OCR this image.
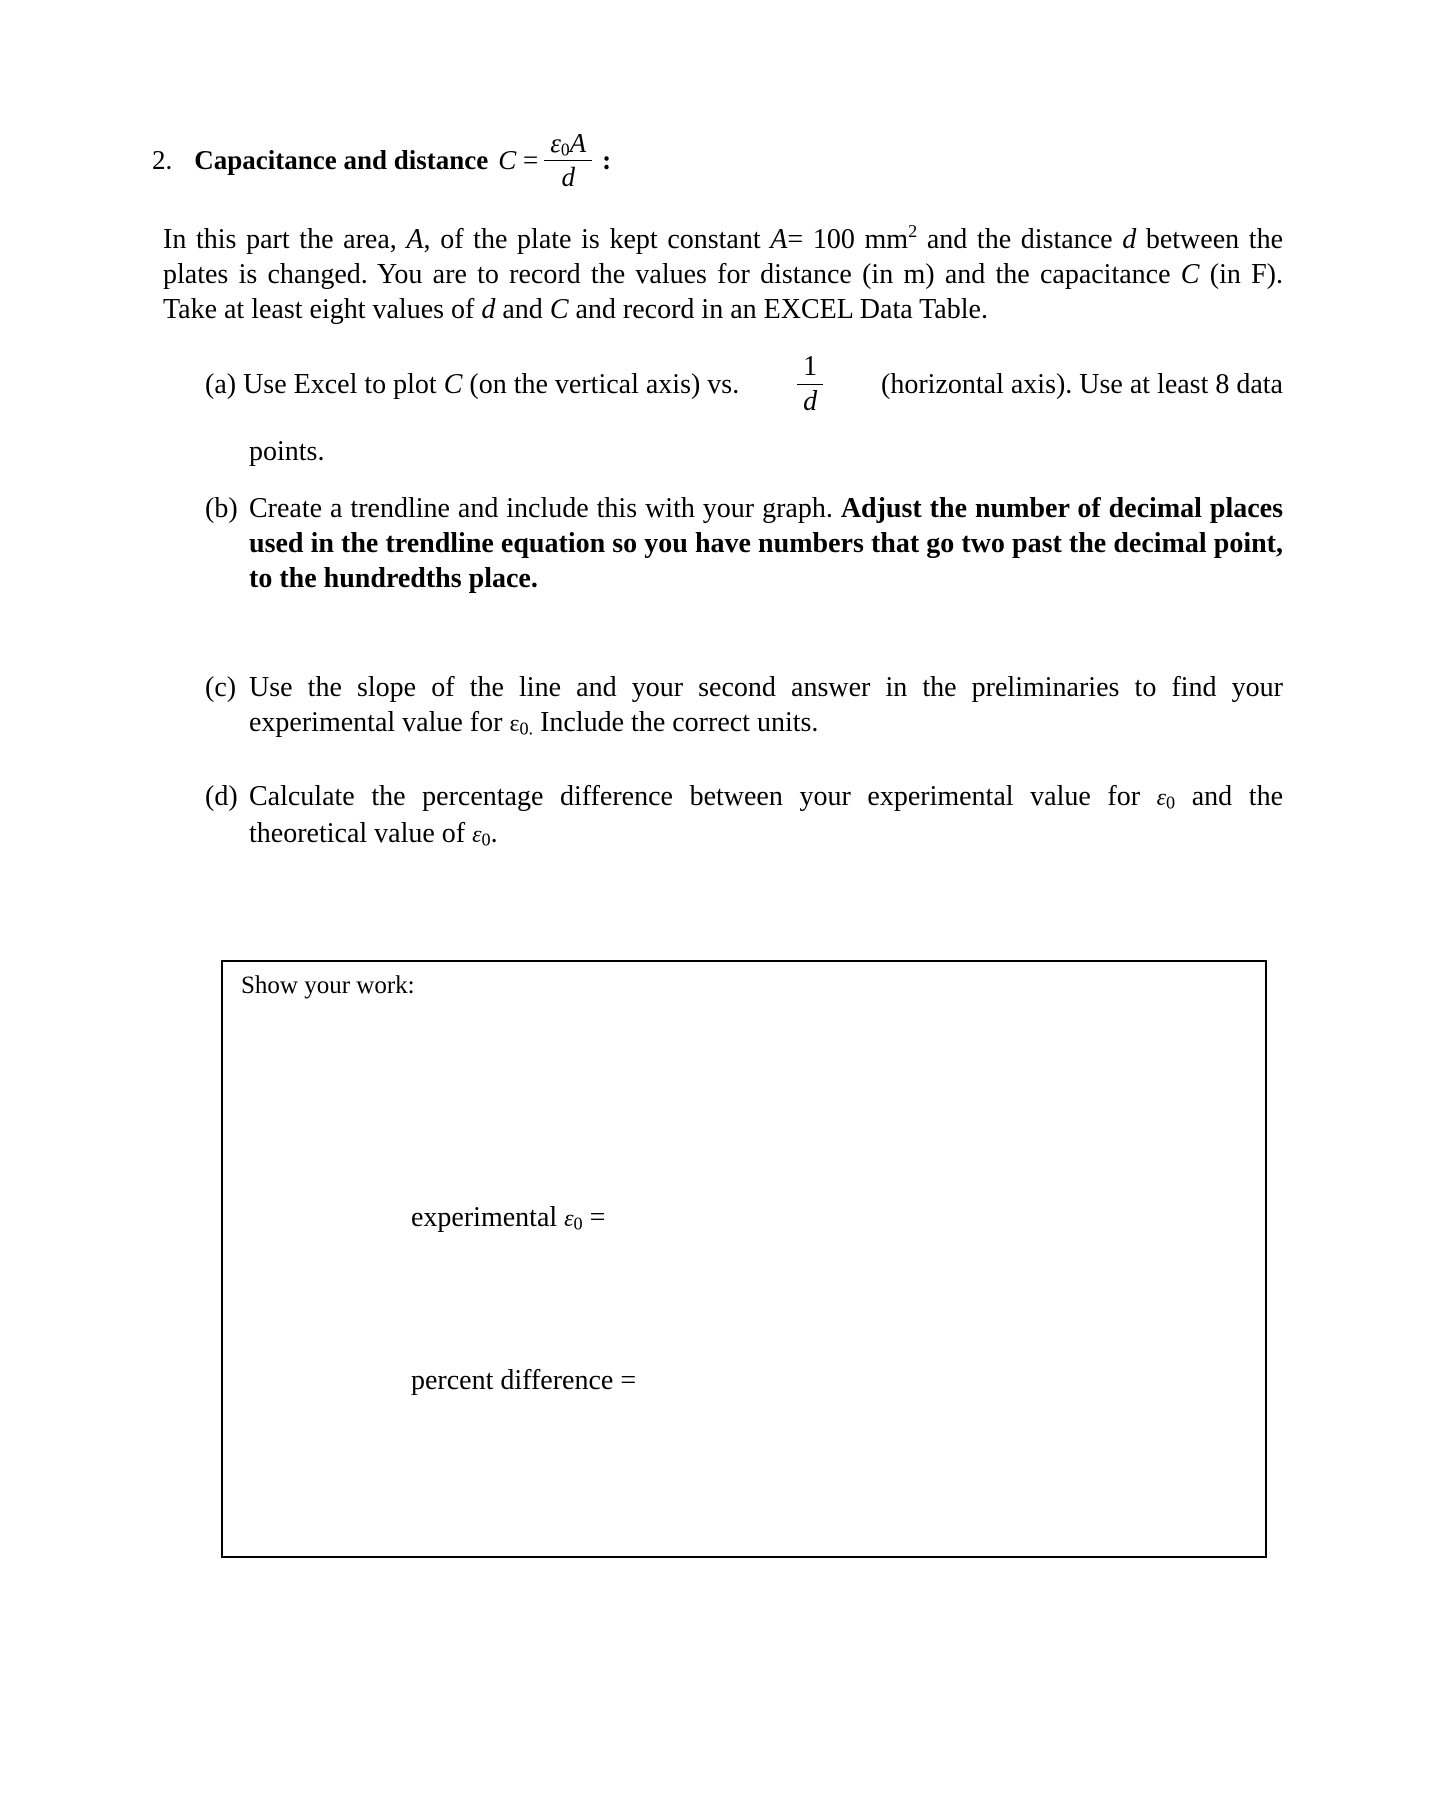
2. Capacitance and distance $C = \frac{\varepsilon_0A}{d}$ :
In this part the area, A, of the plate is kept constant A= 100 $mm^2$ and the distance d between the plates is changed. You are to record the values for distance (in m) and the capacitance C (in F). Take at least eight values of d and C and record in an EXCEL Data Table.
(a) Use Excel to plot C (on the vertical axis) vs. $\frac{1}{d}$ (horizontal axis). Use at least 8 data
points.
(b) Create a trendline and include this with your graph. Adjust the number of decimal places used in the trendline equation so you have numbers that go two past the decimal point, to the hundredths place.
(c) Use the slope of the line and your second answer in the preliminaries to find your experimental value for $\varepsilon_{0.}$ Include the correct units.
(d) Calculate the percentage difference between your experimental value for $\varepsilon_0$ and the theoretical value of $\varepsilon_0$.
Show your work:
experimental $\varepsilon_0$ =
percent difference =
